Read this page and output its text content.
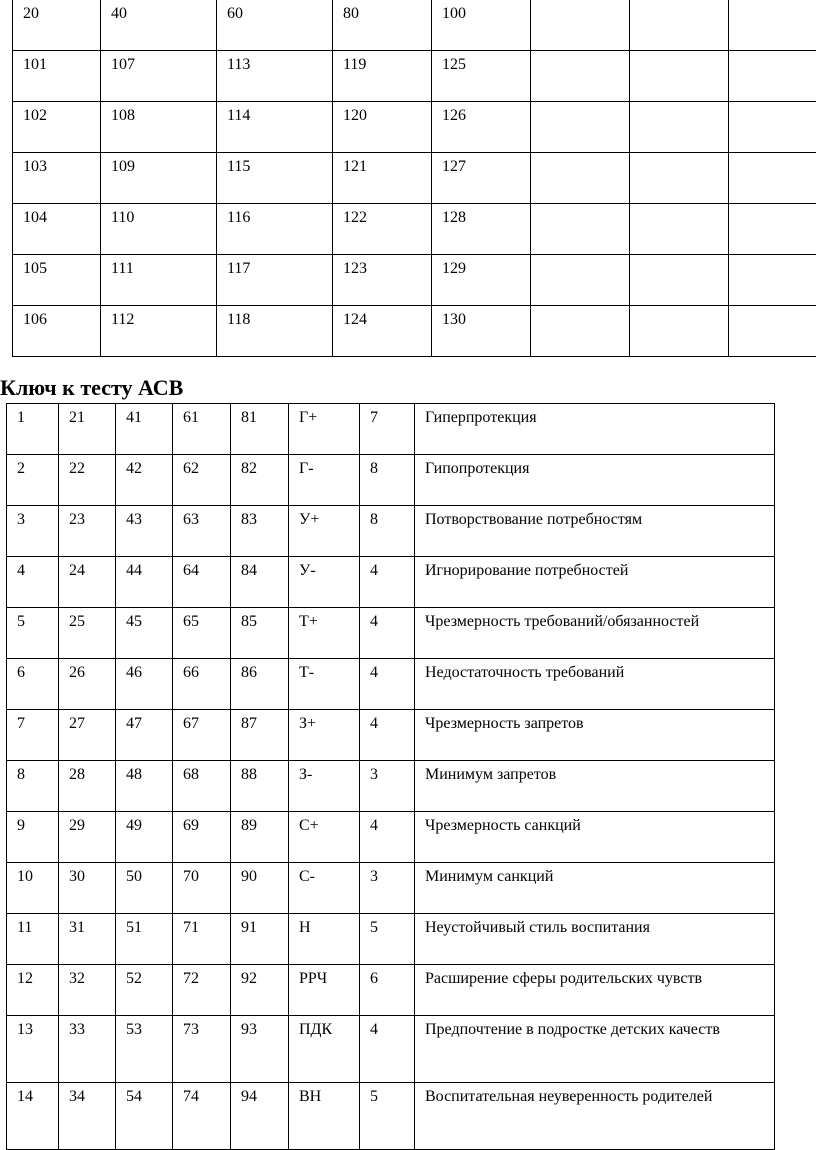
20	40	60	80	100			
101	107	113	119	125			
102	108	114	120	126			
103	109	115	121	127			
104	110	116	122	128			
105	111	117	123	129			
106	112	118	124	130			
Ключ к тесту АСВ
1	21	41	61	81	Г+	7	Гиперпротекция
2	22	42	62	82	Г-	8	Гипопротекция
3	23	43	63	83	У+	8	Потворствование потребностям
4	24	44	64	84	У-	4	Игнорирование потребностей
5	25	45	65	85	Т+	4	Чрезмерность требований/обязанностей
6	26	46	66	86	Т-	4	Недостаточность требований
7	27	47	67	87	З+	4	Чрезмерность запретов
8	28	48	68	88	З-	3	Минимум запретов
9	29	49	69	89	С+	4	Чрезмерность санкций
10	30	50	70	90	С-	3	Минимум санкций
11	31	51	71	91	Н	5	Неустойчивый стиль воспитания
12	32	52	72	92	РРЧ	6	Расширение сферы родительских чувств
13	33	53	73	93	ПДК	4	Предпочтение в подростке детских качеств
14	34	54	74	94	ВН	5	Воспитательная неуверенность родителей
